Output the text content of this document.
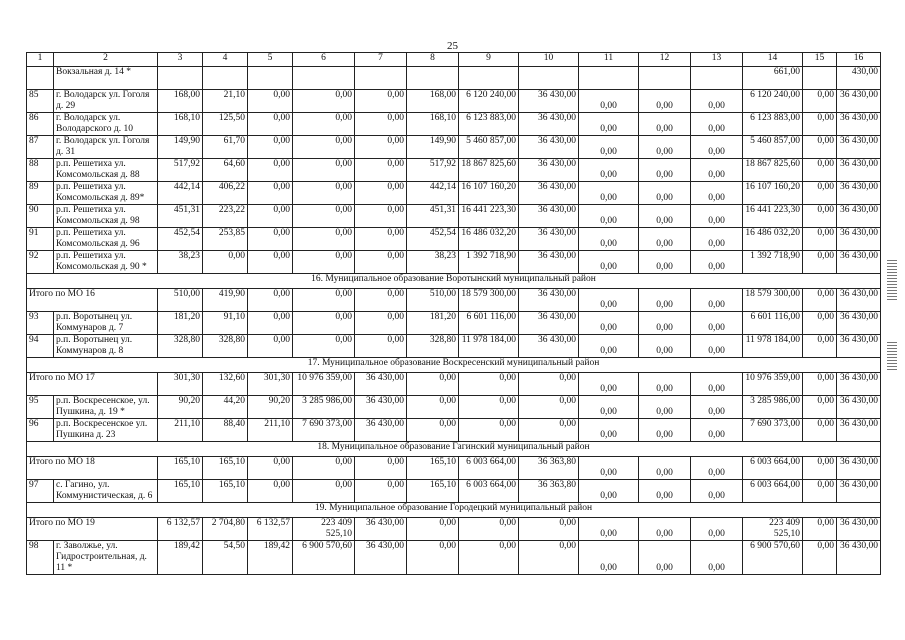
25
1	2	3	4	5	6	7	8	9	10	11	12	13	14	15	16
	Вокзальная д. 14 *												661,00		430,00
85	г. Володарск ул. Гоголя д. 29	168,00	21,10	0,00	0,00	0,00	168,00	6 120 240,00	36 430,00	0,00	0,00	0,00	6 120 240,00	0,00	36 430,00
86	г. Володарск ул. Володарского д. 10	168,10	125,50	0,00	0,00	0,00	168,10	6 123 883,00	36 430,00	0,00	0,00	0,00	6 123 883,00	0,00	36 430,00
87	г. Володарск ул. Гоголя д. 31	149,90	61,70	0,00	0,00	0,00	149,90	5 460 857,00	36 430,00	0,00	0,00	0,00	5 460 857,00	0,00	36 430,00
88	р.п. Решетиха ул. Комсомольская д. 88	517,92	64,60	0,00	0,00	0,00	517,92	18 867 825,60	36 430,00	0,00	0,00	0,00	18 867 825,60	0,00	36 430,00
89	р.п. Решетиха ул. Комсомольская д. 89*	442,14	406,22	0,00	0,00	0,00	442,14	16 107 160,20	36 430,00	0,00	0,00	0,00	16 107 160,20	0,00	36 430,00
90	р.п. Решетиха ул. Комсомольская д. 98	451,31	223,22	0,00	0,00	0,00	451,31	16 441 223,30	36 430,00	0,00	0,00	0,00	16 441 223,30	0,00	36 430,00
91	р.п. Решетиха ул. Комсомольская д. 96	452,54	253,85	0,00	0,00	0,00	452,54	16 486 032,20	36 430,00	0,00	0,00	0,00	16 486 032,20	0,00	36 430,00
92	р.п. Решетиха ул. Комсомольская д. 90 *	38,23	0,00	0,00	0,00	0,00	38,23	1 392 718,90	36 430,00	0,00	0,00	0,00	1 392 718,90	0,00	36 430,00
16. Муниципальное образование Воротынский муниципальный район															
Итого по МО 16		510,00	419,90	0,00	0,00	0,00	510,00	18 579 300,00	36 430,00	0,00	0,00	0,00	18 579 300,00	0,00	36 430,00
93	р.п. Воротынец ул. Коммунаров д. 7	181,20	91,10	0,00	0,00	0,00	181,20	6 601 116,00	36 430,00	0,00	0,00	0,00	6 601 116,00	0,00	36 430,00
94	р.п. Воротынец ул. Коммунаров д. 8	328,80	328,80	0,00	0,00	0,00	328,80	11 978 184,00	36 430,00	0,00	0,00	0,00	11 978 184,00	0,00	36 430,00
17. Муниципальное образование Воскресенский муниципальный район															
Итого по МО 17		301,30	132,60	301,30	10 976 359,00	36 430,00	0,00	0,00	0,00	0,00	0,00	0,00	10 976 359,00	0,00	36 430,00
95	р.п. Воскресенское, ул. Пушкина, д. 19 *	90,20	44,20	90,20	3 285 986,00	36 430,00	0,00	0,00	0,00	0,00	0,00	0,00	3 285 986,00	0,00	36 430,00
96	р.п. Воскресенское ул. Пушкина д. 23	211,10	88,40	211,10	7 690 373,00	36 430,00	0,00	0,00	0,00	0,00	0,00	0,00	7 690 373,00	0,00	36 430,00
18. Муниципальное образование Гагинский муниципальный район															
Итого по МО 18		165,10	165,10	0,00	0,00	0,00	165,10	6 003 664,00	36 363,80	0,00	0,00	0,00	6 003 664,00	0,00	36 430,00
97	с. Гагино, ул. Коммунистическая, д. 6	165,10	165,10	0,00	0,00	0,00	165,10	6 003 664,00	36 363,80	0,00	0,00	0,00	6 003 664,00	0,00	36 430,00
19. Муниципальное образование Городецкий муниципальный район															
Итого по МО 19		6 132,57	2 704,80	6 132,57	223 409 525,10	36 430,00	0,00	0,00	0,00	0,00	0,00	0,00	223 409 525,10	0,00	36 430,00
98	г. Заволжье, ул. Гидростроительная, д. 11 *	189,42	54,50	189,42	6 900 570,60	36 430,00	0,00	0,00	0,00	0,00	0,00	0,00	6 900 570,60	0,00	36 430,00
